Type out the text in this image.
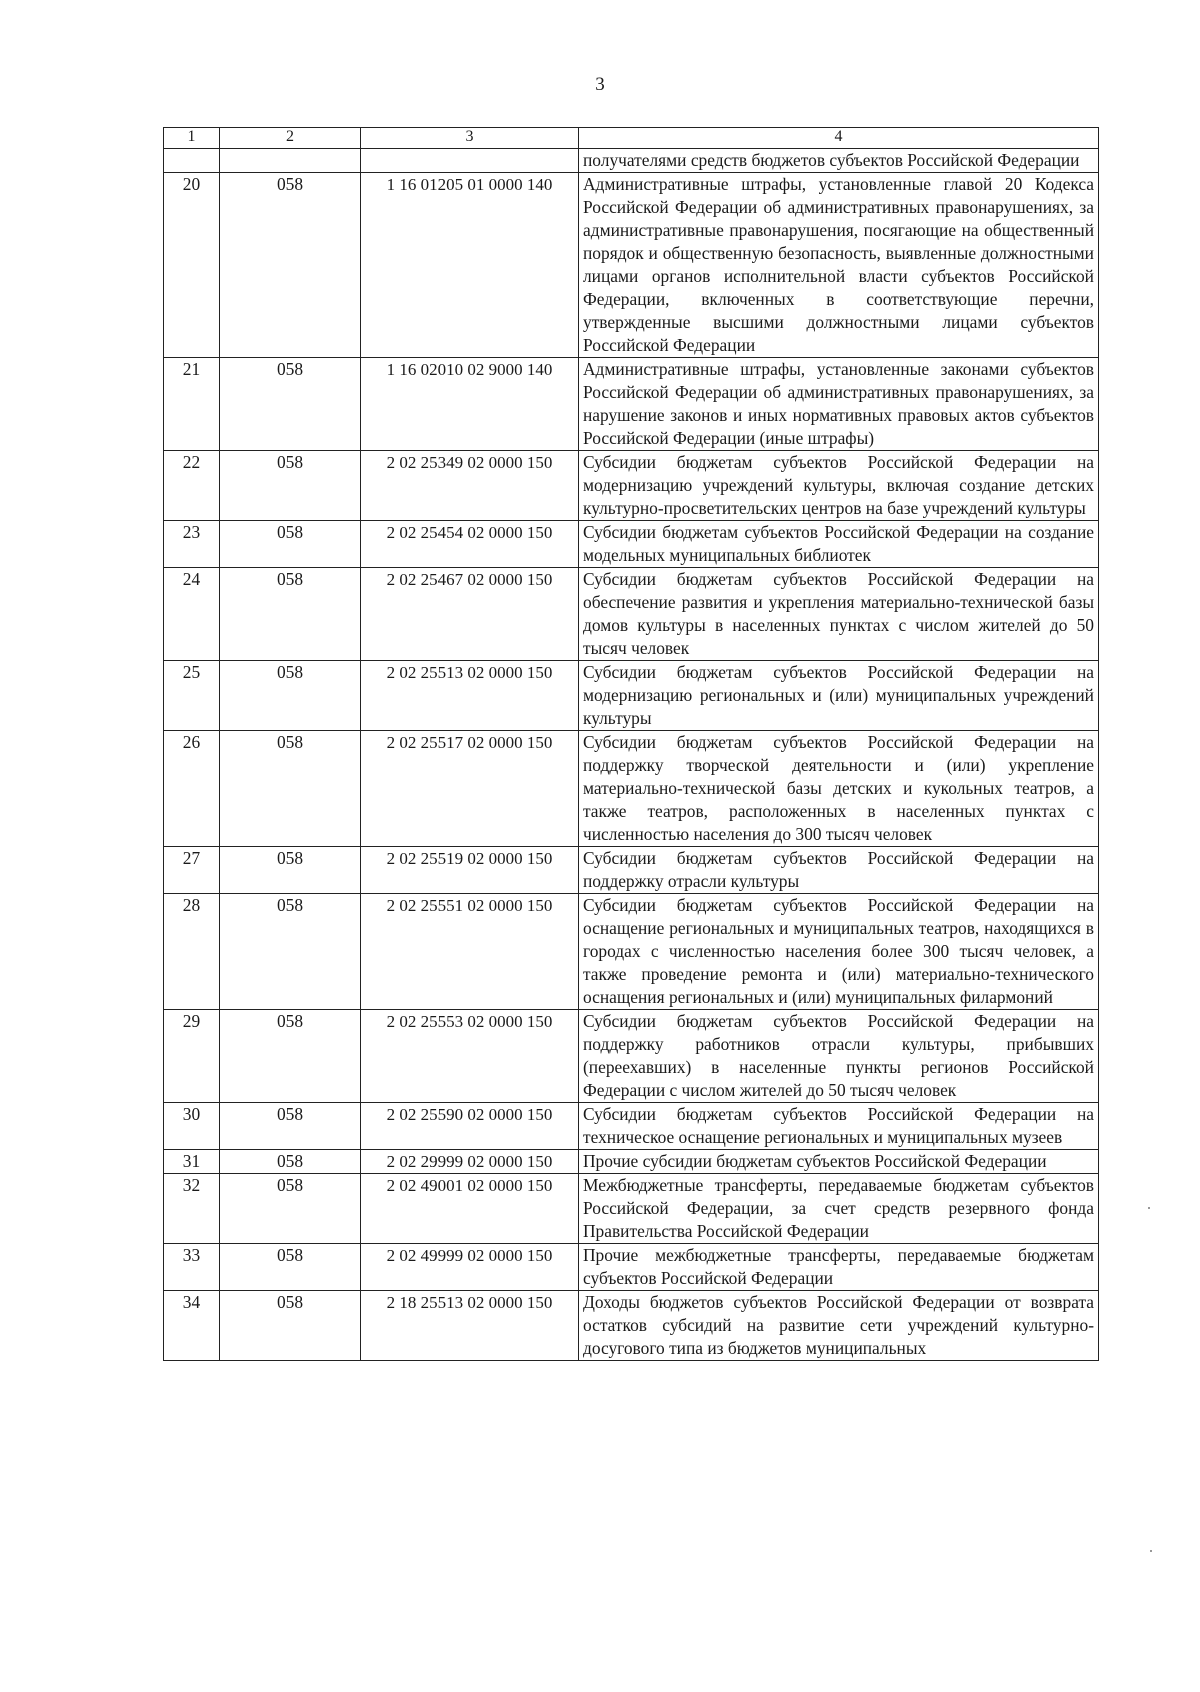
3
1	2	3	4
			получателями средств бюджетов субъектов Российской Федерации
20	058	1 16 01205 01 0000 140	Административные штрафы, установленные главой 20 Кодекса Российской Федерации об административных правонарушениях, за административные правонарушения, посягающие на общественный порядок и общественную безопасность, выявленные должностными лицами органов исполнительной власти субъектов Российской Федерации, включенных в соответствующие перечни, утвержденные высшими должностными лицами субъектов Российской Федерации
21	058	1 16 02010 02 9000 140	Административные штрафы, установленные законами субъектов Российской Федерации об административных правонарушениях, за нарушение законов и иных нормативных правовых актов субъектов Российской Федерации (иные штрафы)
22	058	2 02 25349 02 0000 150	Субсидии бюджетам субъектов Российской Федерации на модернизацию учреждений культуры, включая создание детских культурно-просветительских центров на базе учреждений культуры
23	058	2 02 25454 02 0000 150	Субсидии бюджетам субъектов Российской Федерации на создание модельных муниципальных библиотек
24	058	2 02 25467 02 0000 150	Субсидии бюджетам субъектов Российской Федерации на обеспечение развития и укрепления материально-технической базы домов культуры в населенных пунктах с числом жителей до 50 тысяч человек
25	058	2 02 25513 02 0000 150	Субсидии бюджетам субъектов Российской Федерации на модернизацию региональных и (или) муниципальных учреждений культуры
26	058	2 02 25517 02 0000 150	Субсидии бюджетам субъектов Российской Федерации на поддержку творческой деятельности и (или) укрепление материально-технической базы детских и кукольных театров, а также театров, расположенных в населенных пунктах с численностью населения до 300 тысяч человек
27	058	2 02 25519 02 0000 150	Субсидии бюджетам субъектов Российской Федерации на поддержку отрасли культуры
28	058	2 02 25551 02 0000 150	Субсидии бюджетам субъектов Российской Федерации на оснащение региональных и муниципальных театров, находящихся в городах с численностью населения более 300 тысяч человек, а также проведение ремонта и (или) материально-технического оснащения региональных и (или) муниципальных филармоний
29	058	2 02 25553 02 0000 150	Субсидии бюджетам субъектов Российской Федерации на поддержку работников отрасли культуры, прибывших (переехавших) в населенные пункты регионов Российской Федерации с числом жителей до 50 тысяч человек
30	058	2 02 25590 02 0000 150	Субсидии бюджетам субъектов Российской Федерации на техническое оснащение региональных и муниципальных музеев
31	058	2 02 29999 02 0000 150	Прочие субсидии бюджетам субъектов Российской Федерации
32	058	2 02 49001 02 0000 150	Межбюджетные трансферты, передаваемые бюджетам субъектов Российской Федерации, за счет средств резервного фонда Правительства Российской Федерации
33	058	2 02 49999 02 0000 150	Прочие межбюджетные трансферты, передаваемые бюджетам субъектов Российской Федерации
34	058	2 18 25513 02 0000 150	Доходы бюджетов субъектов Российской Федерации от возврата остатков субсидий на развитие сети учреждений культурно-досугового типа из бюджетов муниципальных
